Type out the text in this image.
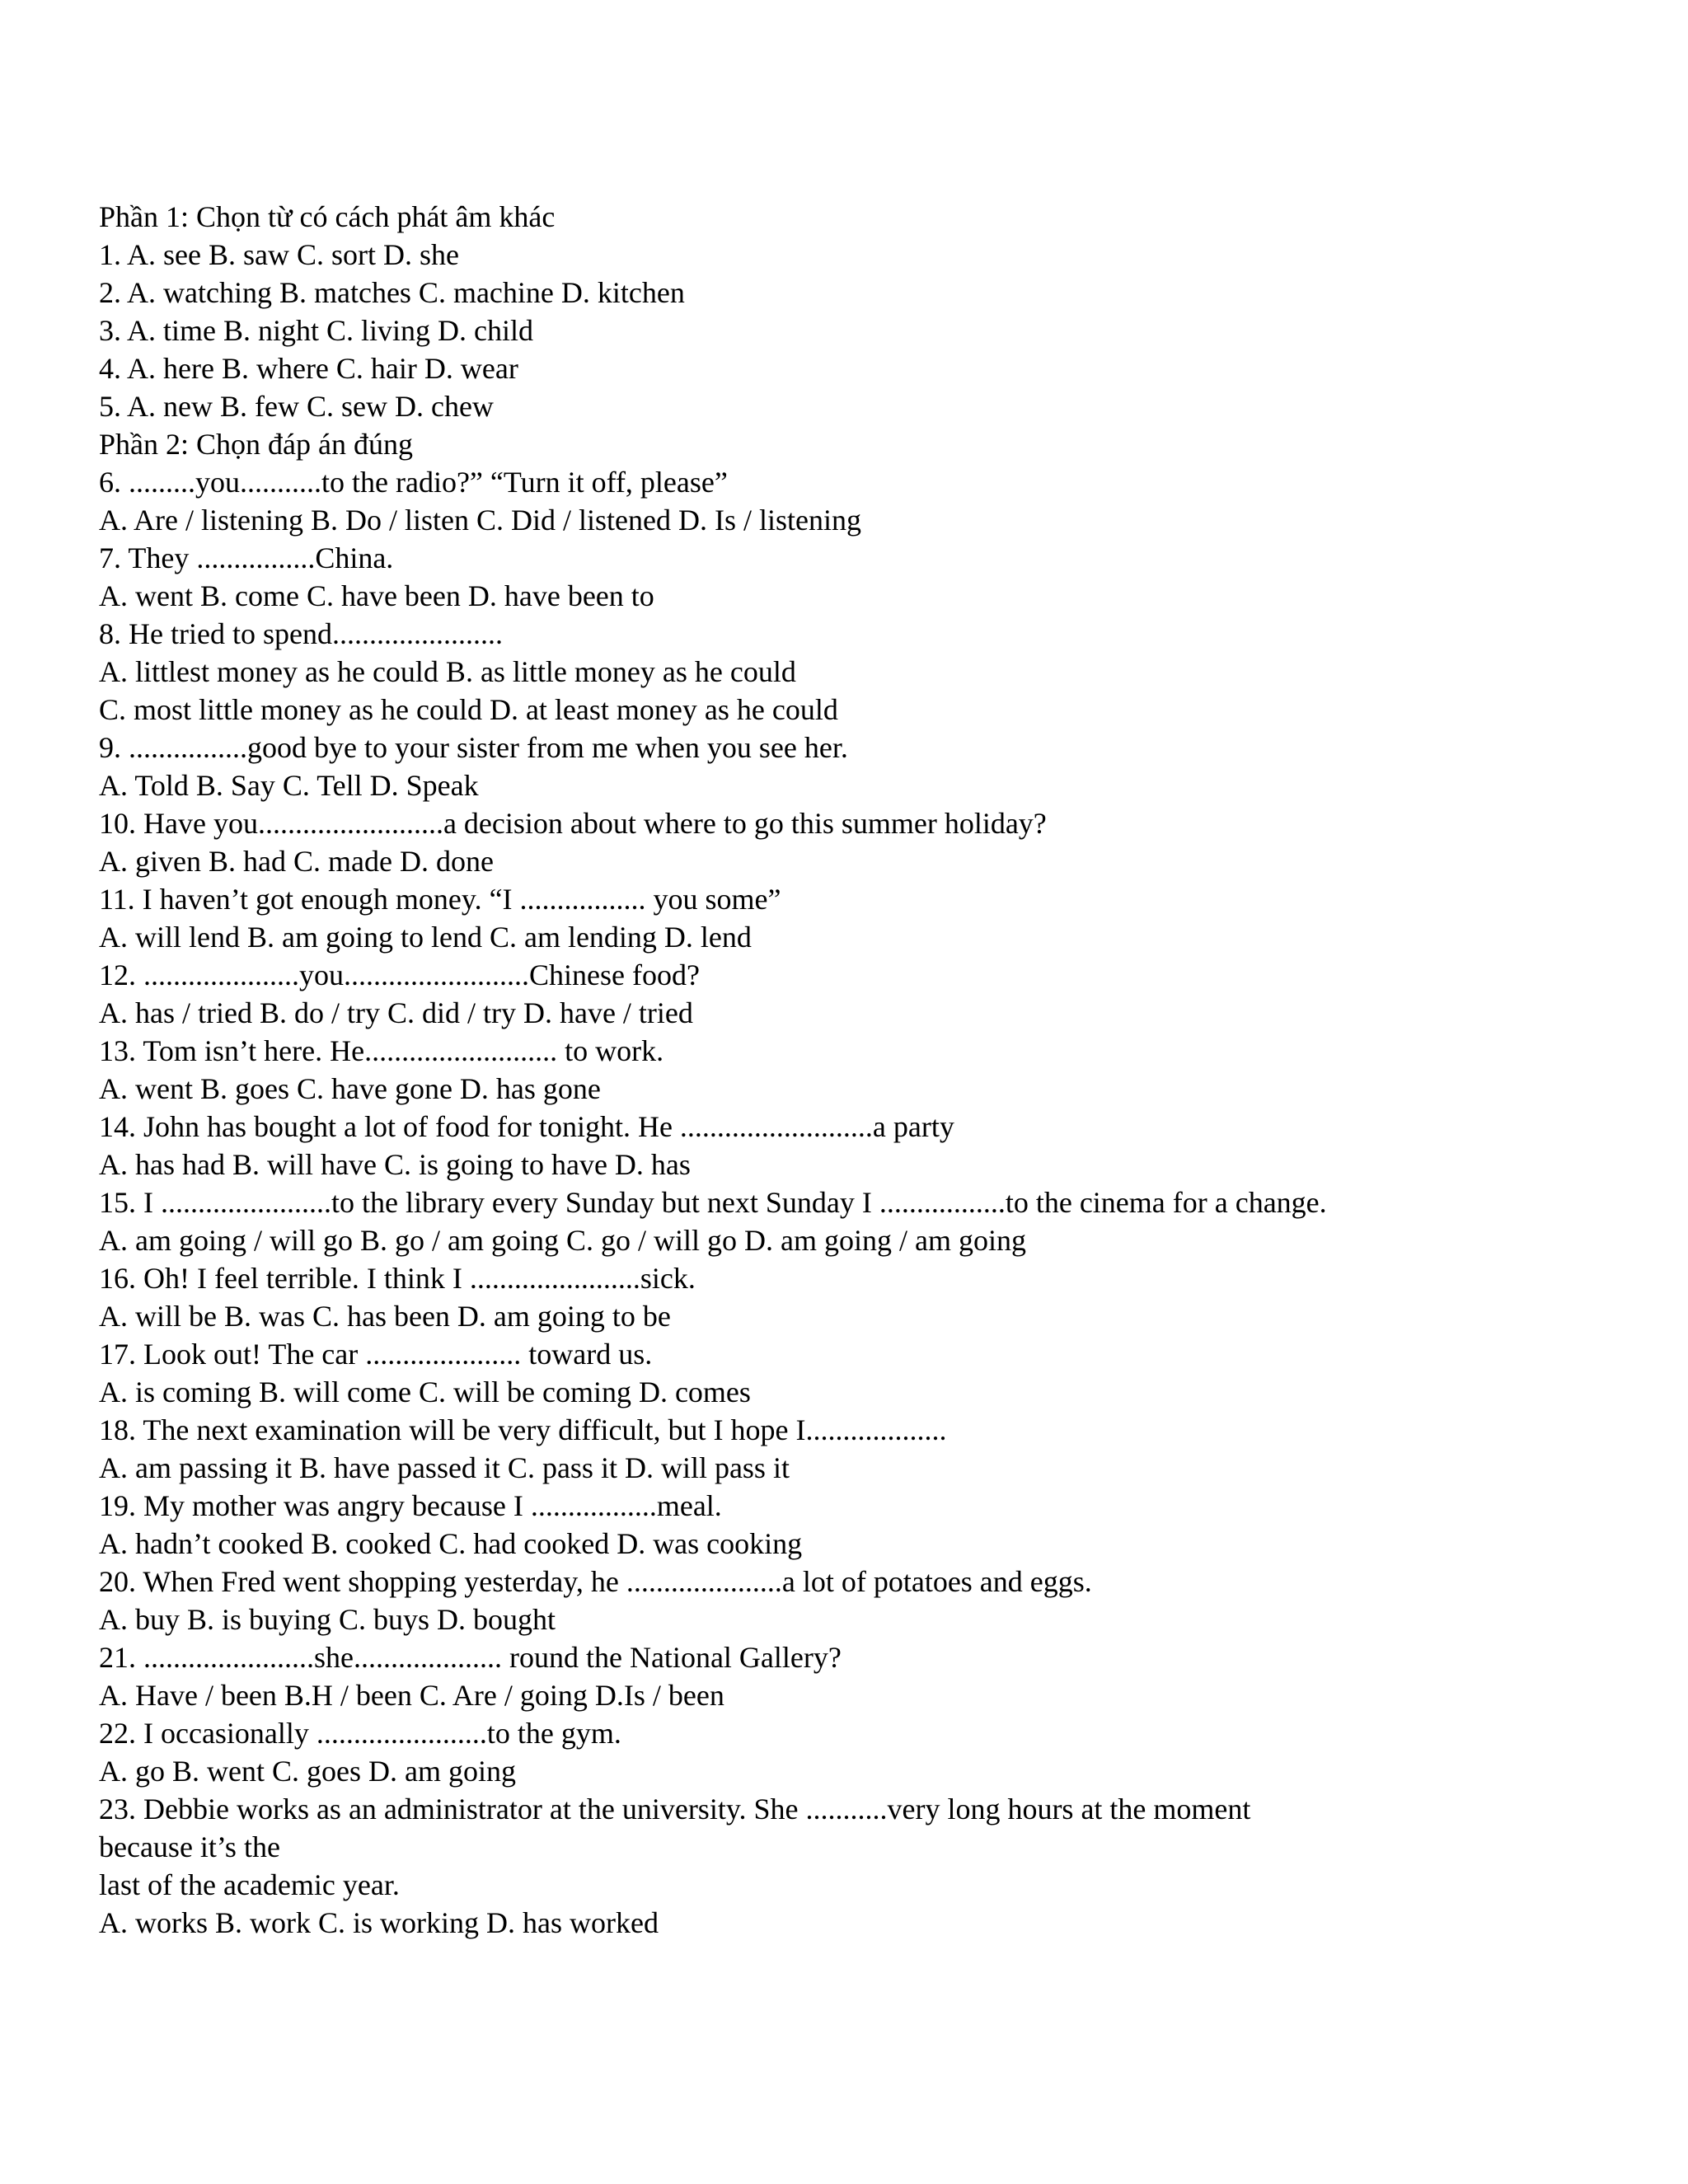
Phần 1: Chọn từ có cách phát âm khác

1. A. see B. saw C. sort D. she

2. A. watching B. matches C. machine D. kitchen

3. A. time B. night C. living D. child

4. A. here B. where C. hair D. wear

5. A. new B. few C. sew D. chew

Phần 2: Chọn đáp án đúng

6. .........you...........to the radio?” “Turn it off, please”

A. Are / listening B. Do / listen C. Did / listened D. Is / listening

7. They ................China.

A. went B. come C. have been D. have been to

8. He tried to spend.......................

A. littlest money as he could B. as little money as he could

C. most little money as he could D. at least money as he could

9. ................good bye to your sister from me when you see her.

A. Told B. Say C. Tell D. Speak

10. Have you.........................a decision about where to go this summer holiday?

A. given B. had C. made D. done

11. I haven’t got enough money. “I ................. you some”

A. will lend B. am going to lend C. am lending D. lend

12. .....................you.........................Chinese food?

A. has / tried B. do / try C. did / try D. have / tried

13. Tom isn’t here. He.......................... to work.

A. went B. goes C. have gone D. has gone

14. John has bought a lot of food for tonight. He ..........................a party

A. has had B. will have C. is going to have D. has

15. I .......................to the library every Sunday but next Sunday I .................to the cinema for a change.

A. am going / will go B. go / am going C. go / will go D. am going / am going

16. Oh! I feel terrible. I think I .......................sick.

A. will be B. was C. has been D. am going to be

17. Look out! The car ..................... toward us.

A. is coming B. will come C. will be coming D. comes

18. The next examination will be very difficult, but I hope I...................

A. am passing it B. have passed it C. pass it D. will pass it

19. My mother was angry because I .................meal.

A. hadn’t cooked B. cooked C. had cooked D. was cooking

20. When Fred went shopping yesterday, he .....................a lot of potatoes and eggs.

A. buy B. is buying C. buys D. bought

21. .......................she.................... round the National Gallery?

A. Have / been B.H / been C. Are / going D.Is / been

22. I occasionally .......................to the gym.

A. go B. went C. goes D. am going

23. Debbie works as an administrator at the university. She ...........very long hours at the moment

because it’s the

last of the academic year.

A. works B. work C. is working D. has worked
